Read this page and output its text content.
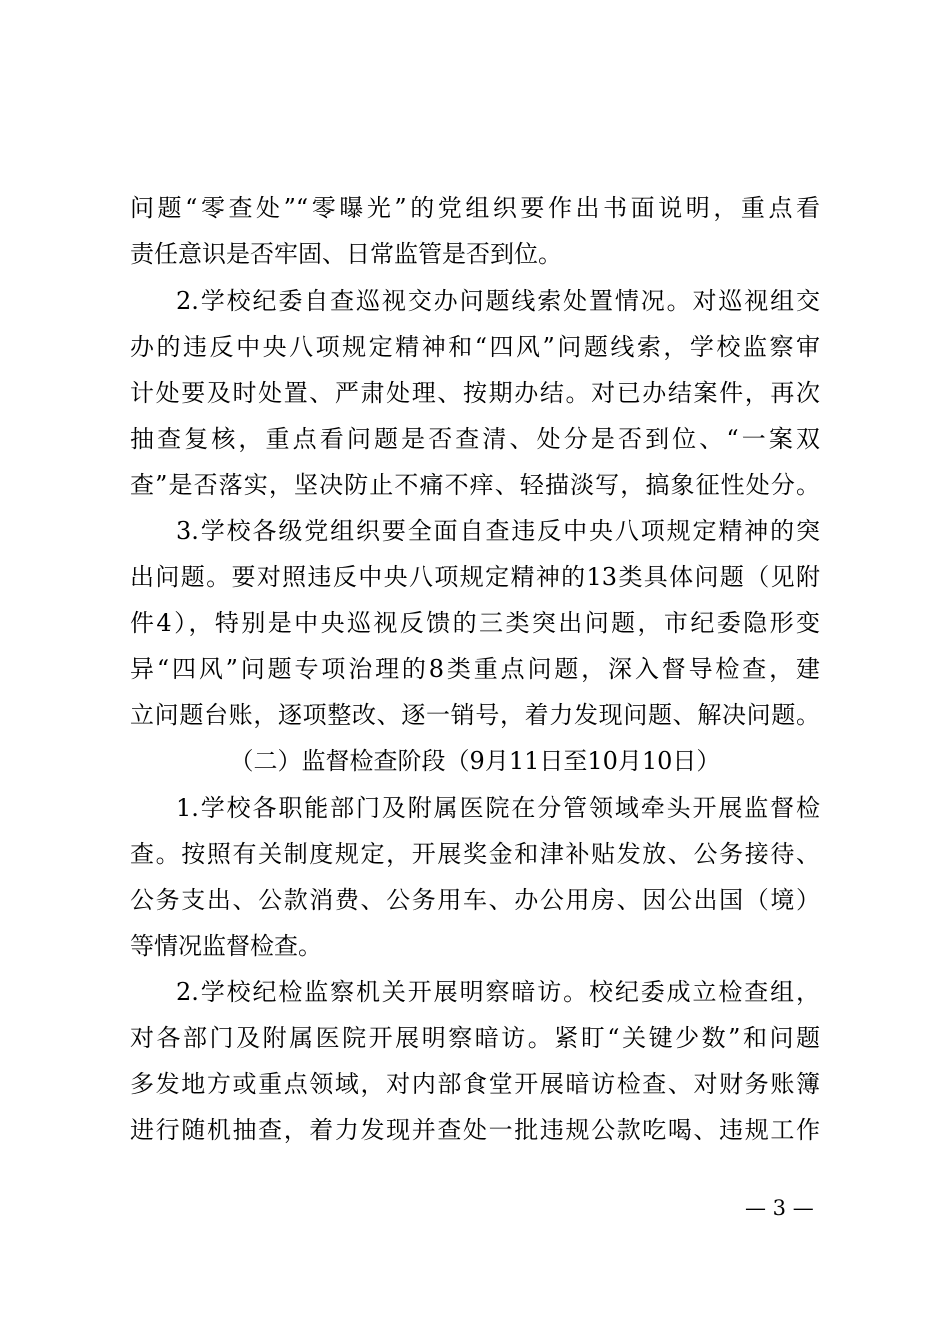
问题“零查处”“零曝光”的党组织要作出书面说明，重点看
责任意识是否牢固、日常监管是否到位。
2.学校纪委自查巡视交办问题线索处置情况。对巡视组交
办的违反中央八项规定精神和“四风”问题线索，学校监察审
计处要及时处置、严肃处理、按期办结。对已办结案件，再次
抽查复核，重点看问题是否查清、处分是否到位、“一案双
查”是否落实，坚决防止不痛不痒、轻描淡写，搞象征性处分。
3.学校各级党组织要全面自查违反中央八项规定精神的突
出问题。要对照违反中央八项规定精神的13类具体问题（见附
件4），特别是中央巡视反馈的三类突出问题，市纪委隐形变
异“四风”问题专项治理的8类重点问题，深入督导检查，建
立问题台账，逐项整改、逐一销号，着力发现问题、解决问题。
（二）监督检查阶段（9月11日至10月10日）
1.学校各职能部门及附属医院在分管领域牵头开展监督检
查。按照有关制度规定，开展奖金和津补贴发放、公务接待、
公务支出、公款消费、公务用车、办公用房、因公出国（境）
等情况监督检查。
2.学校纪检监察机关开展明察暗访。校纪委成立检查组，
对各部门及附属医院开展明察暗访。紧盯“关键少数”和问题
多发地方或重点领域，对内部食堂开展暗访检查、对财务账簿
进行随机抽查，着力发现并查处一批违规公款吃喝、违规工作
— 3 —
